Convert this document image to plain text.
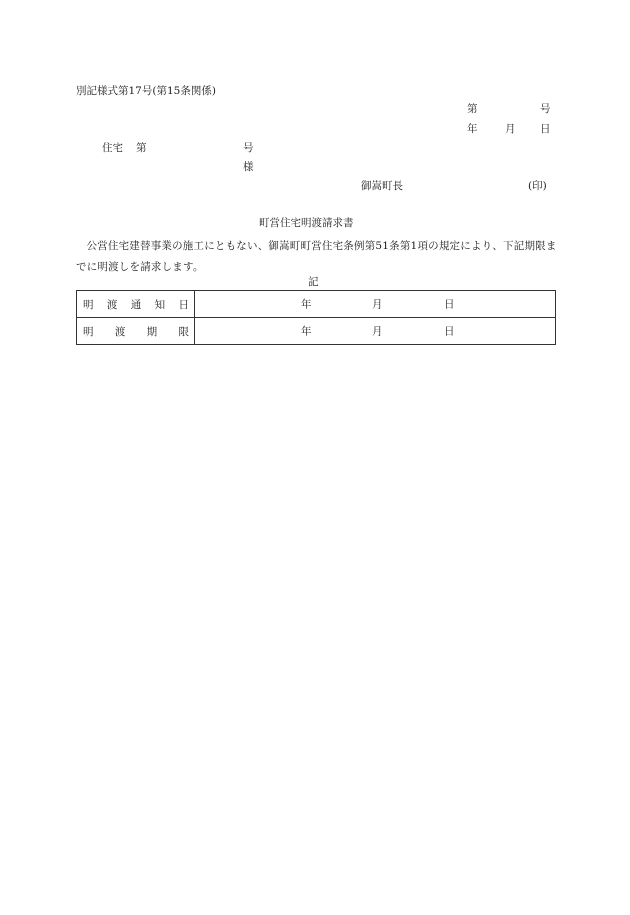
別記様式第17号(第15条関係)
第	号
年	月 日
住宅 第	号
様
御嵩町長	(印)
町営住宅明渡請求書
公営住宅建替事業の施工にともない、御嵩町町営住宅条例第51条第1項の規定により、下記期限までに明渡しを請求します。
記
明 渡 通 知 日	年 月 日

明 渡 期 限	年 月 日
